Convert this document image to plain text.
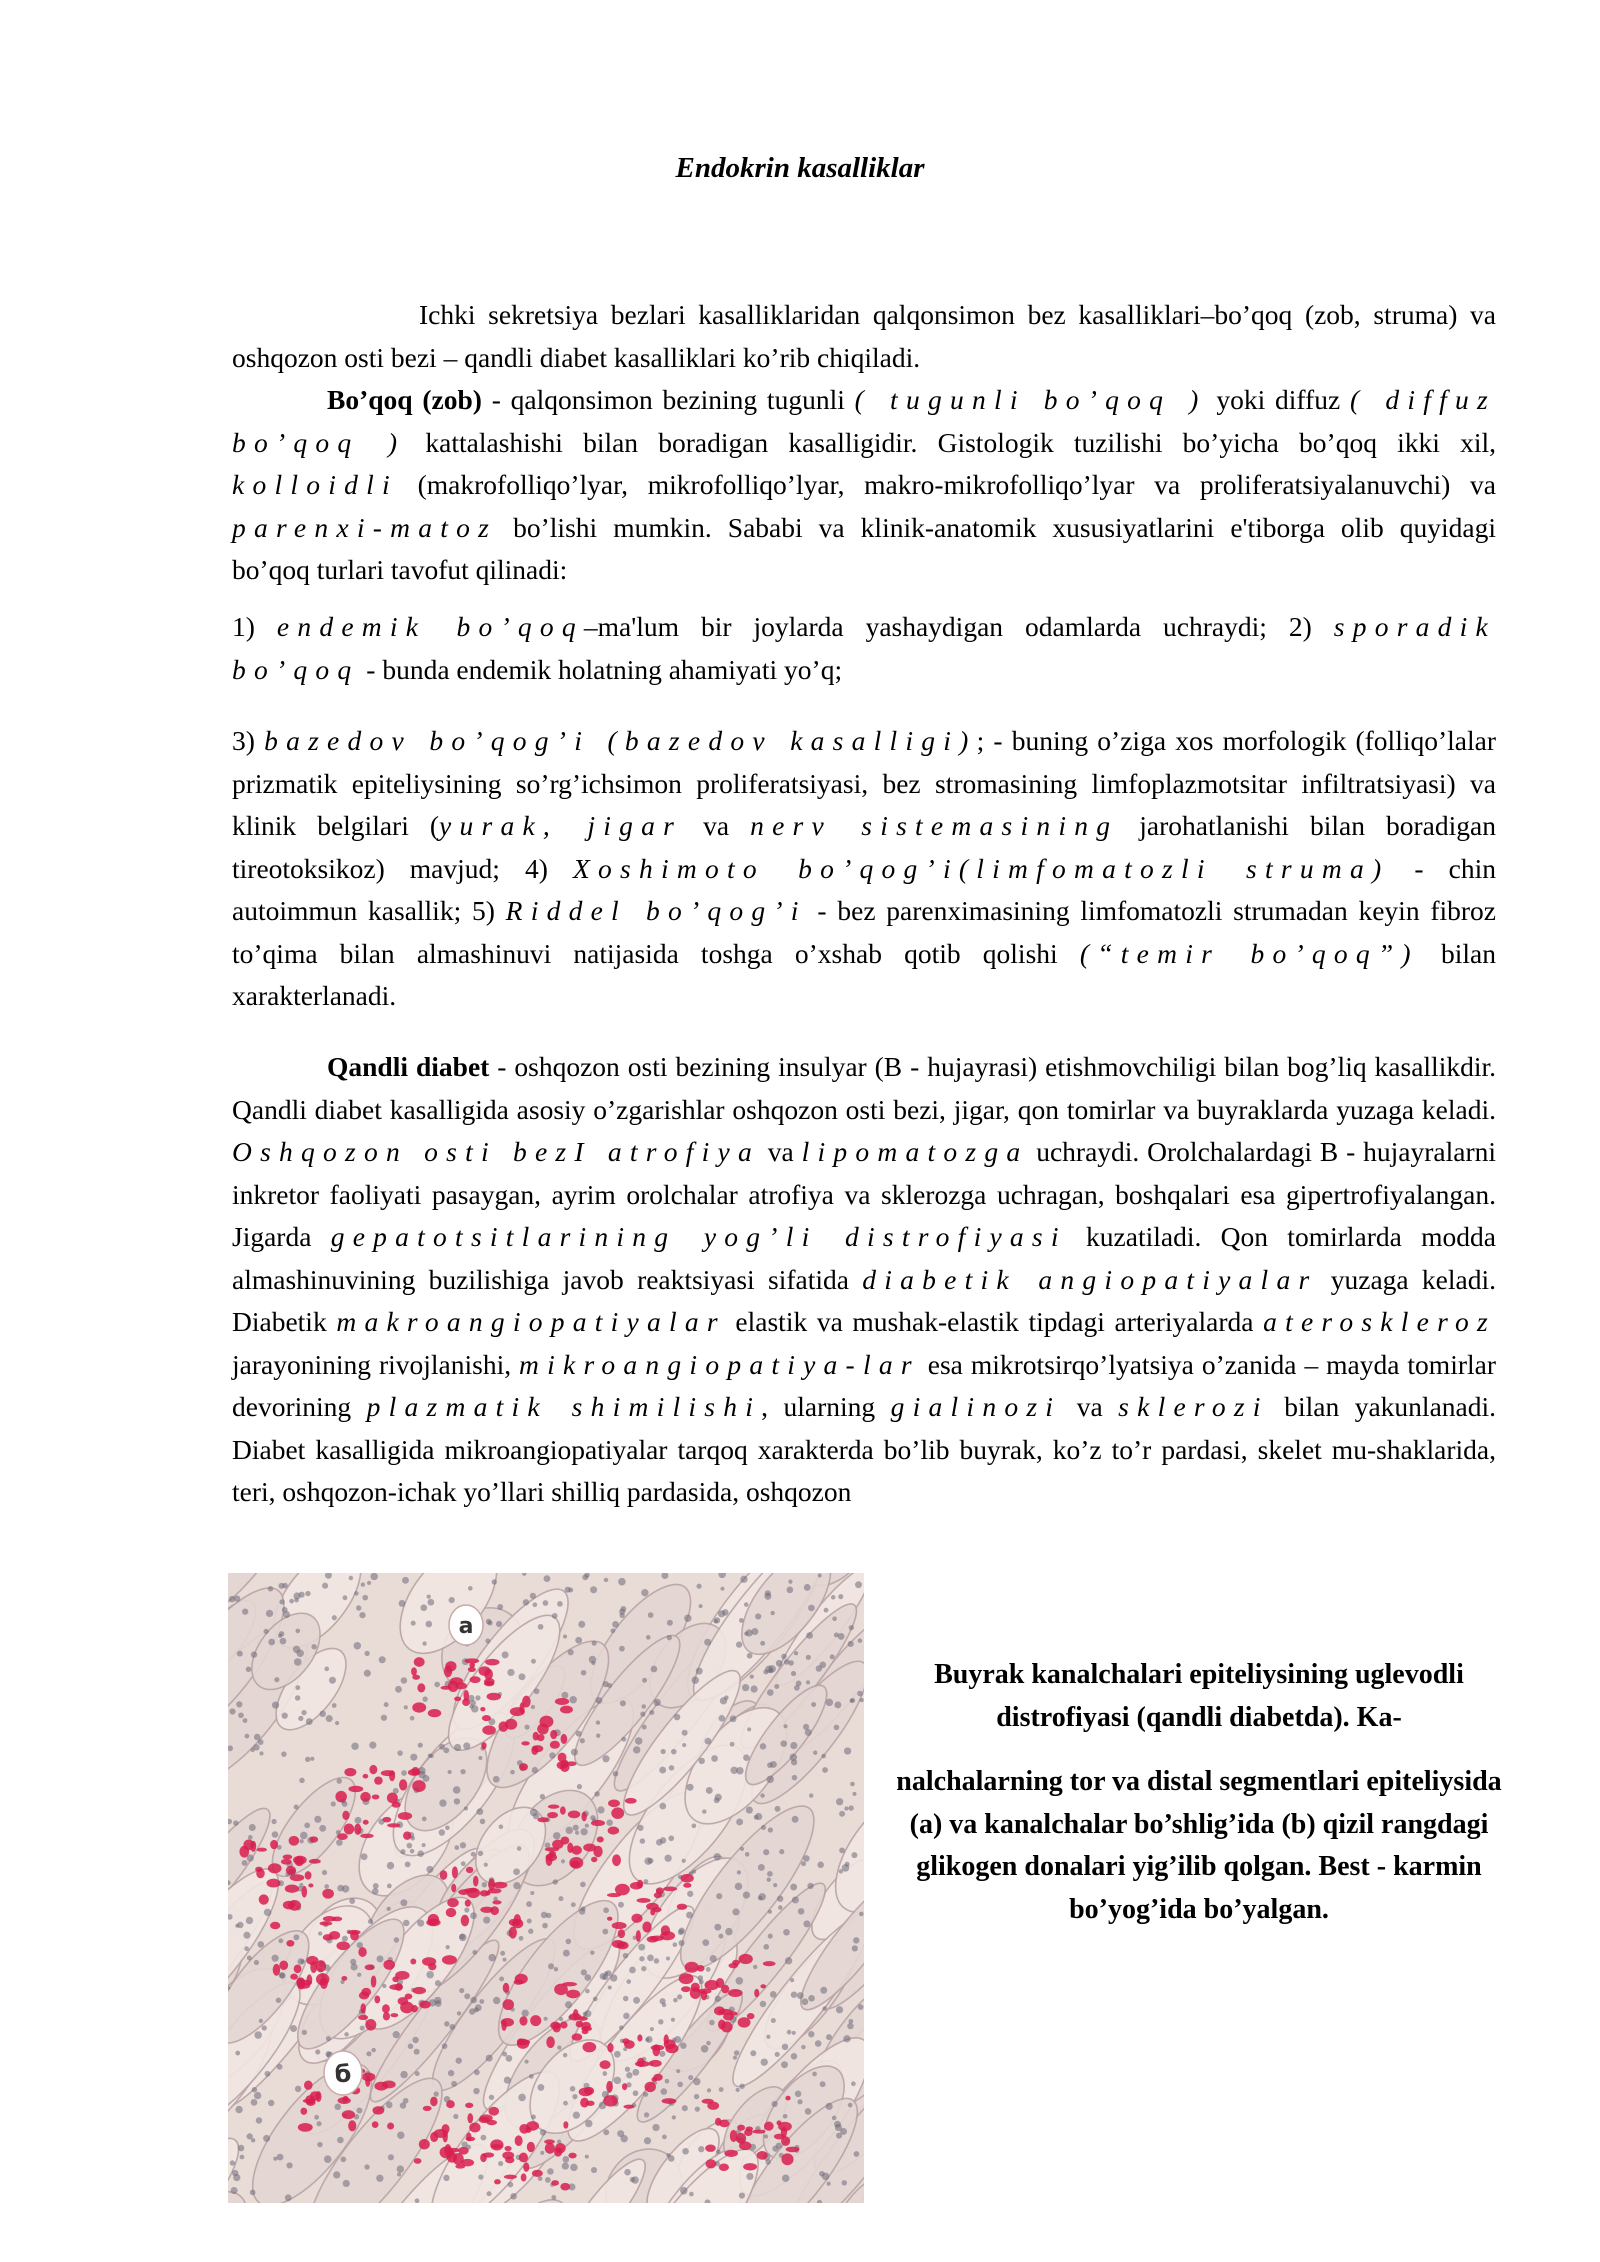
Endokrin kasalliklar

Ichki sekretsiya bezlari kasalliklaridan qalqonsimon bez kasalliklari–bo’qoq (zob, struma) va oshqozon osti bezi – qandli diabet kasalliklari ko’rib chiqiladi.

Bo’qoq (zob) - qalqonsimon bezining tugunli ( tugunli bo’qoq ) yoki diffuz ( diffuz bo’qoq ) kattalashishi bilan boradigan kasalligidir. Gistologik tuzilishi bo’yicha bo’qoq ikki xil, kolloidli (makrofolliqo’lyar, mikrofolliqo’lyar, makro-mikrofolliqo’lyar va proliferatsiyalanuvchi) va parenxi-matoz bo’lishi mumkin. Sababi va klinik-anatomik xususiyatlarini e'tiborga olib quyidagi bo’qoq turlari tavofut qilinadi:

1) endemik bo’qoq–ma'lum bir joylarda yashaydigan odamlarda uchraydi; 2) sporadik bo’qoq - bunda endemik holatning ahamiyati yo’q;

3) bazedov bo’qog’i (bazedov kasalligi); - buning o’ziga xos morfologik (folliqo’lalar prizmatik epiteliysining so’rg’ichsimon proliferatsiyasi, bez stromasining limfoplazmotsitar infiltratsiyasi) va klinik belgilari (yurak, jigar va nerv sistemasining jarohatlanishi bilan boradigan tireotoksikoz) mavjud; 4) Xoshimoto bo’qog’i(limfomatozli struma) - chin autoimmun kasallik; 5) Riddel bo’qog’i - bez parenximasining limfomatozli strumadan keyin fibroz to’qima bilan almashinuvi natijasida toshga o’xshab qotib qolishi (“temir bo’qoq”) bilan xarakterlanadi.

Qandli diabet - oshqozon osti bezining insulyar (B - hujayrasi) etishmovchiligi bilan bog’liq kasallikdir. Qandli diabet kasalligida asosiy o’zgarishlar oshqozon osti bezi, jigar, qon tomirlar va buyraklarda yuzaga keladi. Oshqozon osti bezI atrofiya va lipomatozga uchraydi. Orolchalardagi B - hujayralarni inkretor faoliyati pasaygan, ayrim orolchalar atrofiya va sklerozga uchragan, boshqalari esa gipertrofiyalangan. Jigarda gepatotsitlarining yog’li distrofiyasi kuzatiladi. Qon tomirlarda modda almashinuvining buzilishiga javob reaktsiyasi sifatida diabetik angiopatiyalar yuzaga keladi. Diabetik makroangiopatiyalar elastik va mushak-elastik tipdagi arteriyalarda ateroskleroz jarayonining rivojlanishi, mikroangiopatiya-lar esa mikrotsirqo’lyatsiya o’zanida – mayda tomirlar devorining plazmatik shimilishi, ularning gialinozi va sklerozi bilan yakunlanadi. Diabet kasalligida mikroangiopatiyalar tarqoq xarakterda bo’lib buyrak, ko’z to’r pardasi, skelet mu-shaklarida, teri, oshqozon-ichak yo’llari shilliq pardasida, oshqozon

a
б

Buyrak kanalchalari epiteliysining uglevodli distrofiyasi (qandli diabetda). Ka-

nalchalarning tor va distal segmentlari epiteliysida (a) va kanalchalar bo’shlig’ida (b) qizil rangdagi glikogen donalari yig’ilib qolgan. Best - karmin bo’yog’ida bo’yalgan.
